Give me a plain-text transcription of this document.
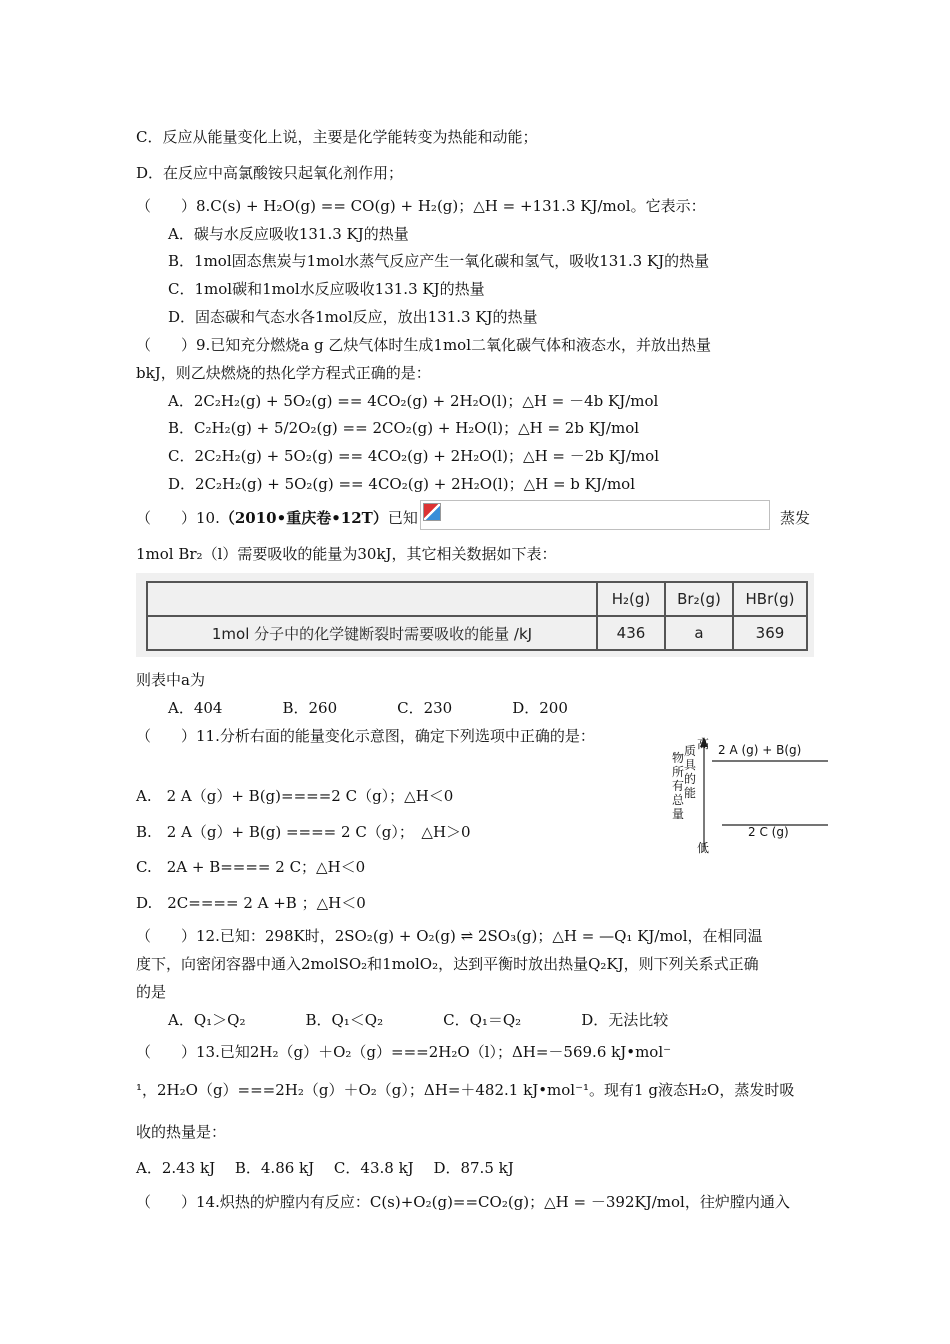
C．反应从能量变化上说，主要是化学能转变为热能和动能；
D．在反应中高氯酸铵只起氧化剂作用；
（　　）8.C(s) + H₂O(g) == CO(g) + H₂(g)；△H = +131.3 KJ/mol。它表示：
A．碳与水反应吸收131.3 KJ的热量
B．1mol固态焦炭与1mol水蒸气反应产生一氧化碳和氢气，吸收131.3 KJ的热量
C．1mol碳和1mol水反应吸收131.3 KJ的热量
D．固态碳和气态水各1mol反应，放出131.3 KJ的热量
（　　）9.已知充分燃烧a g 乙炔气体时生成1mol二氧化碳气体和液态水，并放出热量
bkJ，则乙炔燃烧的热化学方程式正确的是：
A．2C₂H₂(g) + 5O₂(g) == 4CO₂(g) + 2H₂O(l)；△H = －4b KJ/mol
B．C₂H₂(g) + 5/2O₂(g) == 2CO₂(g) + H₂O(l)；△H = 2b KJ/mol
C．2C₂H₂(g) + 5O₂(g) == 4CO₂(g) + 2H₂O(l)；△H = －2b KJ/mol
D．2C₂H₂(g) + 5O₂(g) == 4CO₂(g) + 2H₂O(l)；△H = b KJ/mol
（　　）10.（2010•重庆卷•12T）已知	蒸发
1mol Br₂（l）需要吸收的能量为30kJ，其它相关数据如下表：
	H₂(g)	Br₂(g)	HBr(g)
1mol 分子中的化学键断裂时需要吸收的能量 /kJ	436	a	369
则表中a为
A．404　　　　B．260　　　　C．230　　　　D．200
（　　）11.分析右面的能量变化示意图，确定下列选项中正确的是：
A.　2 A（g）+ B(g)====2 C（g）；△H＜0
B.　2 A（g）+ B(g) ==== 2 C（g）；　△H＞0
C.　2A + B==== 2 C；△H＜0
D.　2C==== 2 A +B ；△H＜0
高
低
物
所
有
总
量
质
具
的
能
2 A (g) + B(g)
2 C (g)
（　　）12.已知：298K时，2SO₂(g) + O₂(g) ⇌ 2SO₃(g)；△H = —Q₁ KJ/mol，在相同温
度下，向密闭容器中通入2molSO₂和1molO₂，达到平衡时放出热量Q₂KJ，则下列关系式正确
的是
A．Q₁＞Q₂　　　　B．Q₁＜Q₂　　　　C．Q₁＝Q₂　　　　D．无法比较
（　　）13.已知2H₂（g）＋O₂（g）===2H₂O（l）；ΔH=－569.6 kJ•mol⁻
¹，2H₂O（g）===2H₂（g）＋O₂（g）；ΔH=＋482.1 kJ•mol⁻¹。现有1 g液态H₂O，蒸发时吸
收的热量是：
A．2.43 kJ　 B．4.86 kJ　 C．43.8 kJ　 D．87.5 kJ
（　　）14.炽热的炉膛内有反应：C(s)+O₂(g)==CO₂(g)；△H = －392KJ/mol，往炉膛内通入
